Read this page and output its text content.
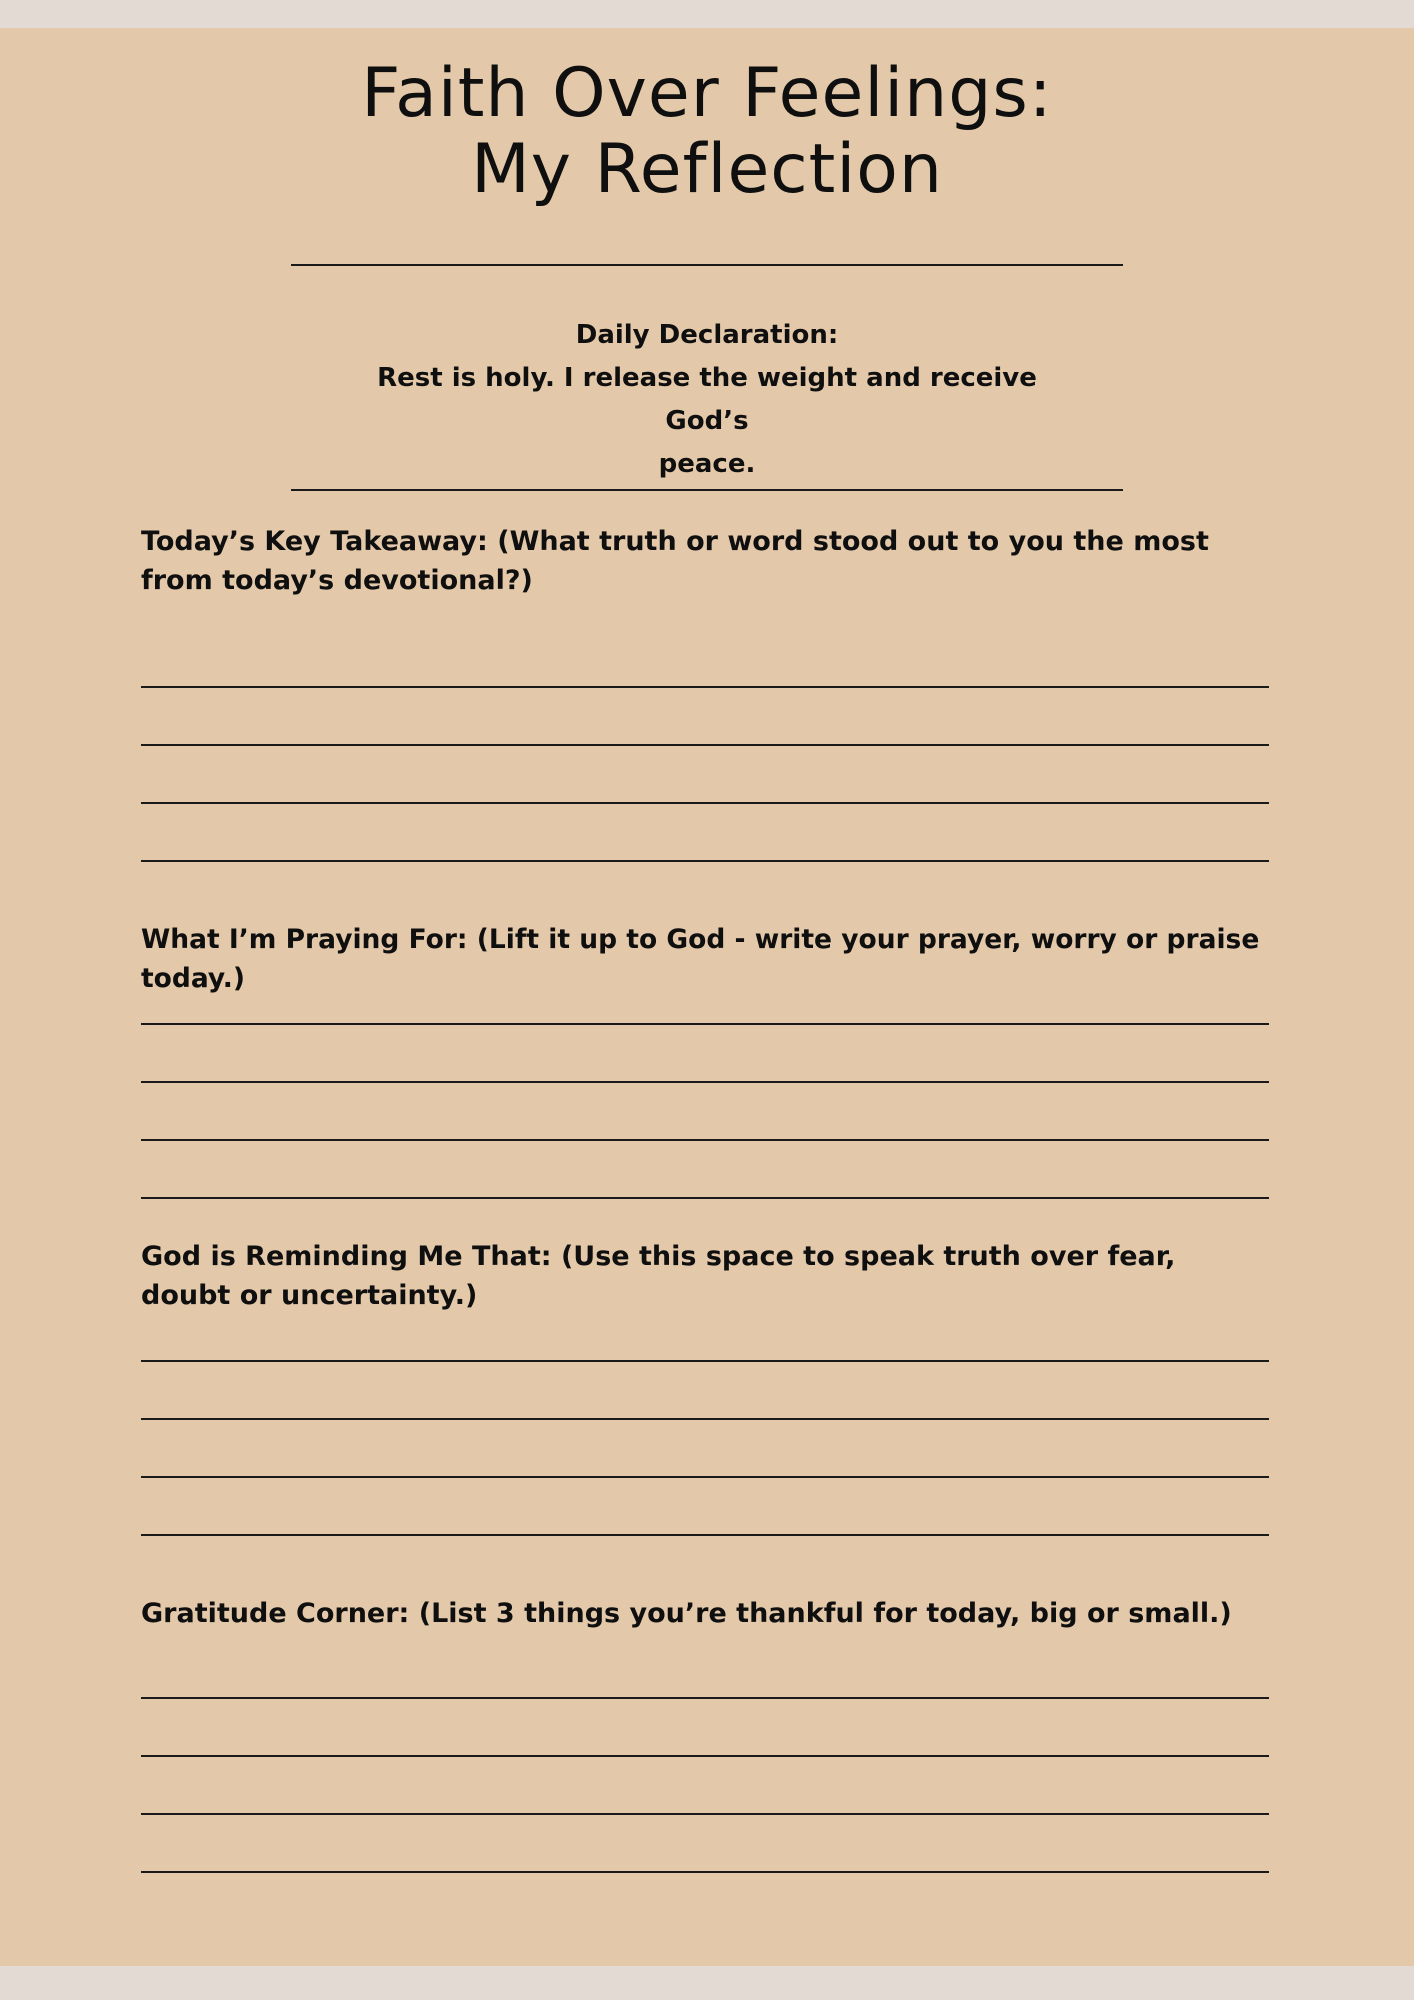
Faith Over Feelings:
My Reflection
Daily Declaration:
Rest is holy. I release the weight and receive God’s
peace.
Today’s Key Takeaway: (What truth or word stood out to you the most from today’s devotional?)
What I’m Praying For: (Lift it up to God - write your prayer, worry or praise today.)
God is Reminding Me That: (Use this space to speak truth over fear, doubt or uncertainty.)
Gratitude Corner: (List 3 things you’re thankful for today, big or small.)
